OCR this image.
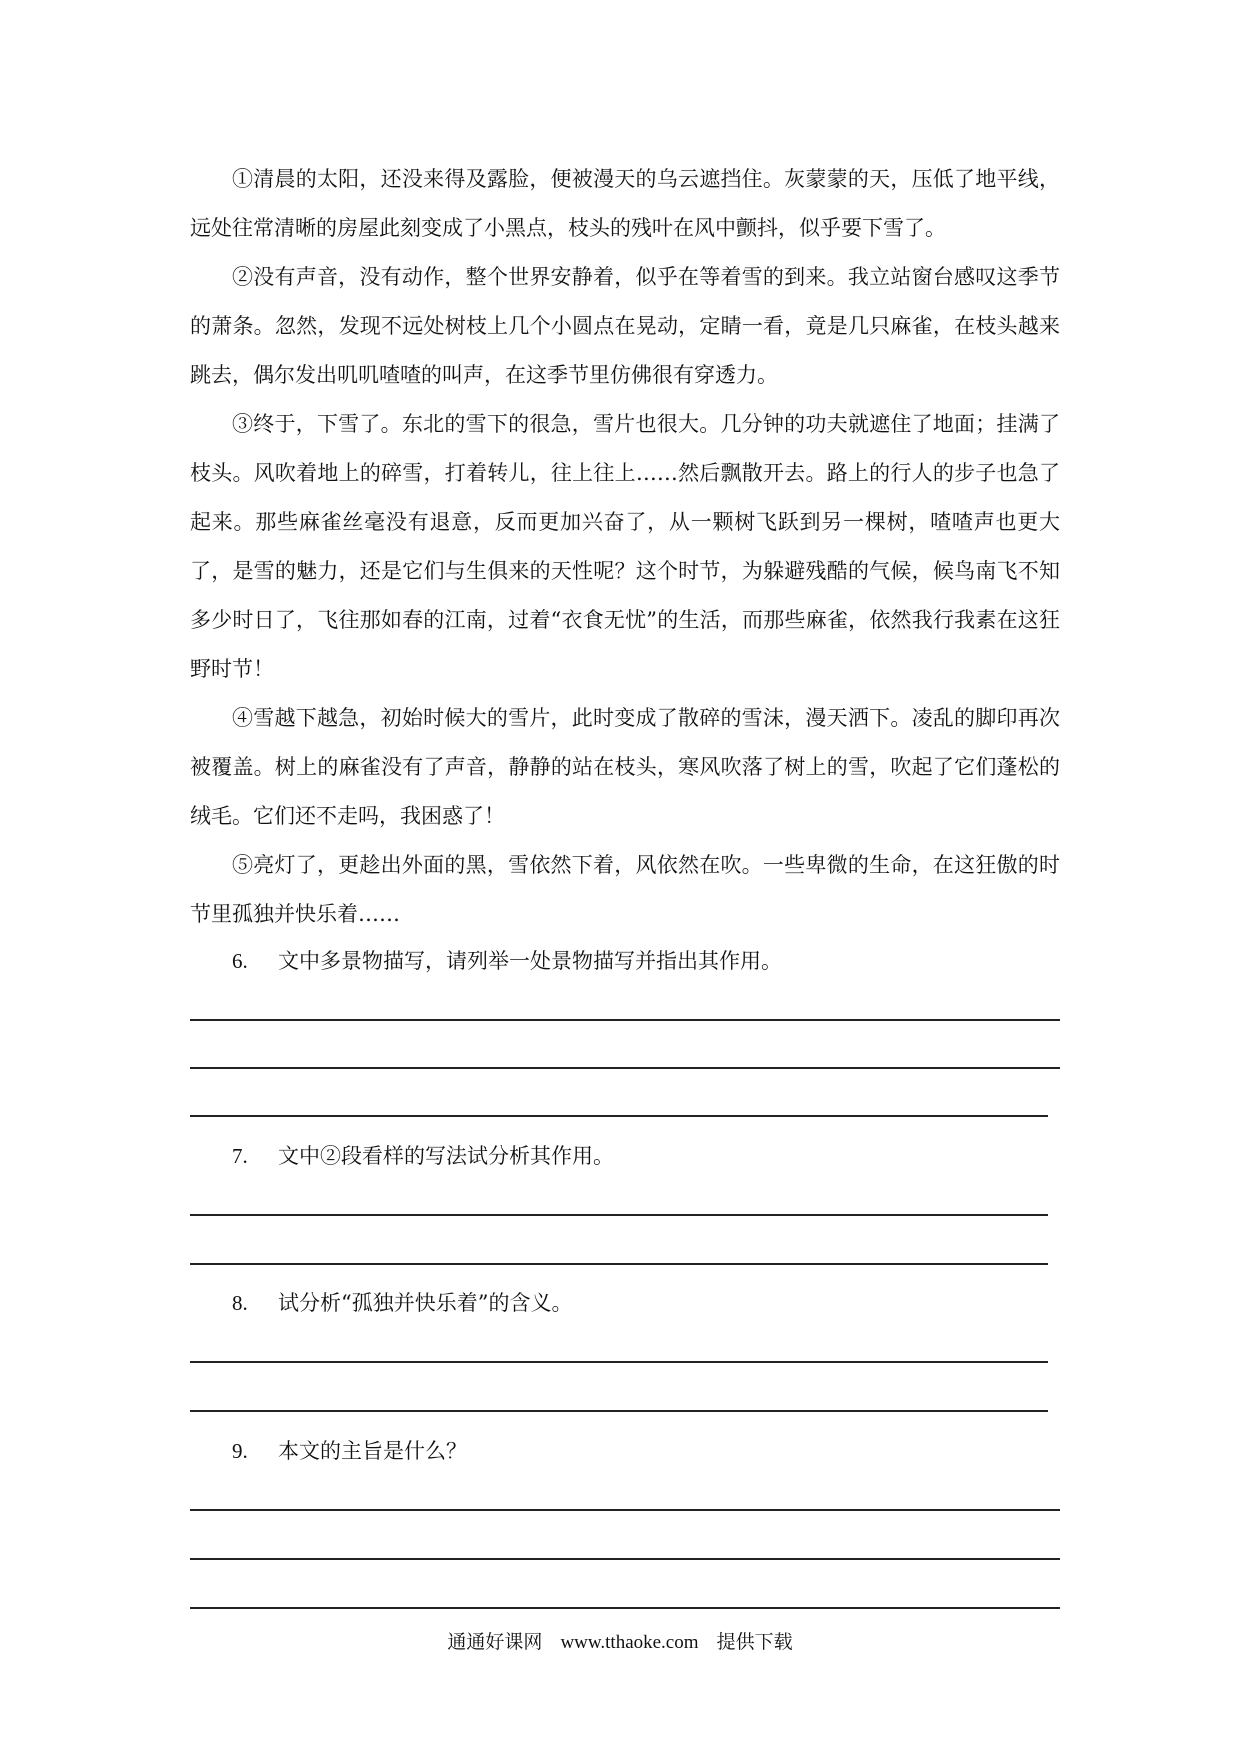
①清晨的太阳，还没来得及露脸，便被漫天的乌云遮挡住。灰蒙蒙的天，压低了地平线，远处往常清晰的房屋此刻变成了小黑点，枝头的残叶在风中颤抖，似乎要下雪了。

②没有声音，没有动作，整个世界安静着，似乎在等着雪的到来。我立站窗台感叹这季节的萧条。忽然，发现不远处树枝上几个小圆点在晃动，定睛一看，竟是几只麻雀，在枝头越来跳去，偶尔发出叽叽喳喳的叫声，在这季节里仿佛很有穿透力。

③终于，下雪了。东北的雪下的很急，雪片也很大。几分钟的功夫就遮住了地面；挂满了枝头。风吹着地上的碎雪，打着转儿，往上往上……然后飘散开去。路上的行人的步子也急了起来。那些麻雀丝毫没有退意，反而更加兴奋了，从一颗树飞跃到另一棵树，喳喳声也更大了，是雪的魅力，还是它们与生俱来的天性呢？这个时节，为躲避残酷的气候，候鸟南飞不知多少时日了，飞往那如春的江南，过着“衣食无忧”的生活，而那些麻雀，依然我行我素在这狂野时节！

④雪越下越急，初始时候大的雪片，此时变成了散碎的雪沫，漫天洒下。凌乱的脚印再次被覆盖。树上的麻雀没有了声音，静静的站在枝头，寒风吹落了树上的雪，吹起了它们蓬松的绒毛。它们还不走吗，我困惑了！

⑤亮灯了，更趁出外面的黑，雪依然下着，风依然在吹。一些卑微的生命，在这狂傲的时节里孤独并快乐着……

6. 文中多景物描写，请列举一处景物描写并指出其作用。
7. 文中②段看样的写法试分析其作用。
8. 试分析“孤独并快乐着”的含义。
9. 本文的主旨是什么？
通通好课网 www.tthaoke.com 提供下载
